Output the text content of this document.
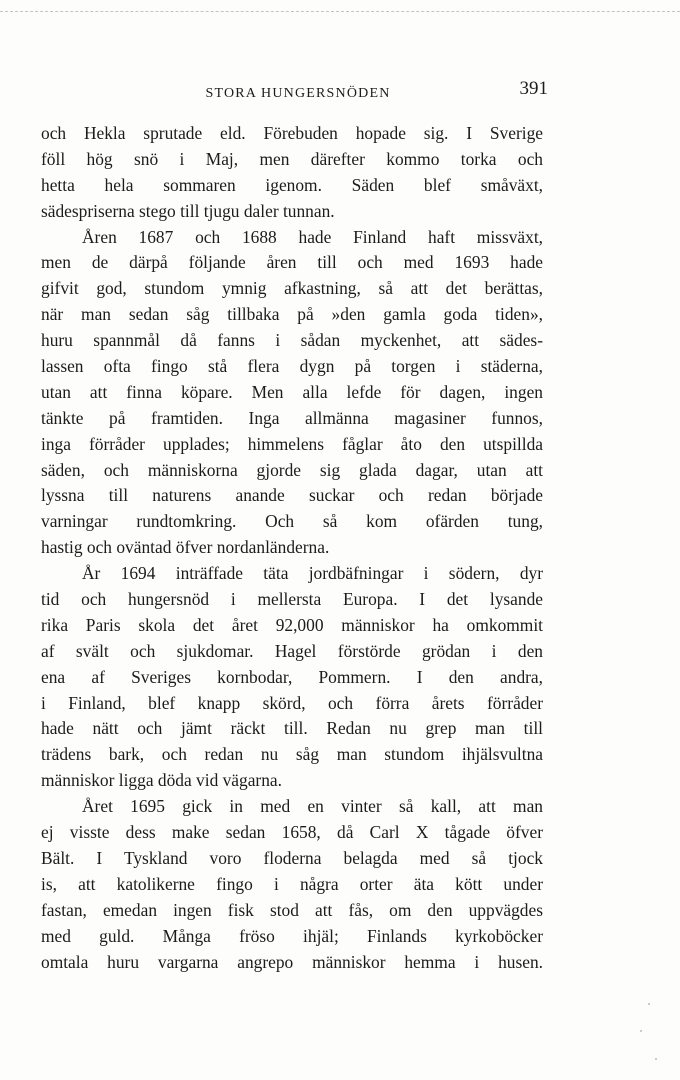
STORA HUNGERSNÖDEN	391
och Hekla sprutade eld. Förebuden hopade sig. I Sverige
föll hög snö i Maj, men därefter kommo torka och
hetta hela sommaren igenom. Säden blef småväxt,
sädespriserna stego till tjugu daler tunnan.
Åren 1687 och 1688 hade Finland haft missväxt,
men de därpå följande åren till och med 1693 hade
gifvit god, stundom ymnig afkastning, så att det berättas,
när man sedan såg tillbaka på »den gamla goda tiden»,
huru spannmål då fanns i sådan myckenhet, att sädes-
lassen ofta fingo stå flera dygn på torgen i städerna,
utan att finna köpare. Men alla lefde för dagen, ingen
tänkte på framtiden. Inga allmänna magasiner funnos,
inga förråder upplades; himmelens fåglar åto den utspillda
säden, och människorna gjorde sig glada dagar, utan att
lyssna till naturens anande suckar och redan började
varningar rundtomkring. Och så kom ofärden tung,
hastig och oväntad öfver nordanländerna.
År 1694 inträffade täta jordbäfningar i södern, dyr
tid och hungersnöd i mellersta Europa. I det lysande
rika Paris skola det året 92,000 människor ha omkommit
af svält och sjukdomar. Hagel förstörde grödan i den
ena af Sveriges kornbodar, Pommern. I den andra,
i Finland, blef knapp skörd, och förra årets förråder
hade nätt och jämt räckt till. Redan nu grep man till
trädens bark, och redan nu såg man stundom ihjälsvultna
människor ligga döda vid vägarna.
Året 1695 gick in med en vinter så kall, att man
ej visste dess make sedan 1658, då Carl X tågade öfver
Bält. I Tyskland voro floderna belagda med så tjock
is, att katolikerne fingo i några orter äta kött under
fastan, emedan ingen fisk stod att fås, om den uppvägdes
med guld. Många fröso ihjäl; Finlands kyrkoböcker
omtala huru vargarna angrepo människor hemma i husen.
